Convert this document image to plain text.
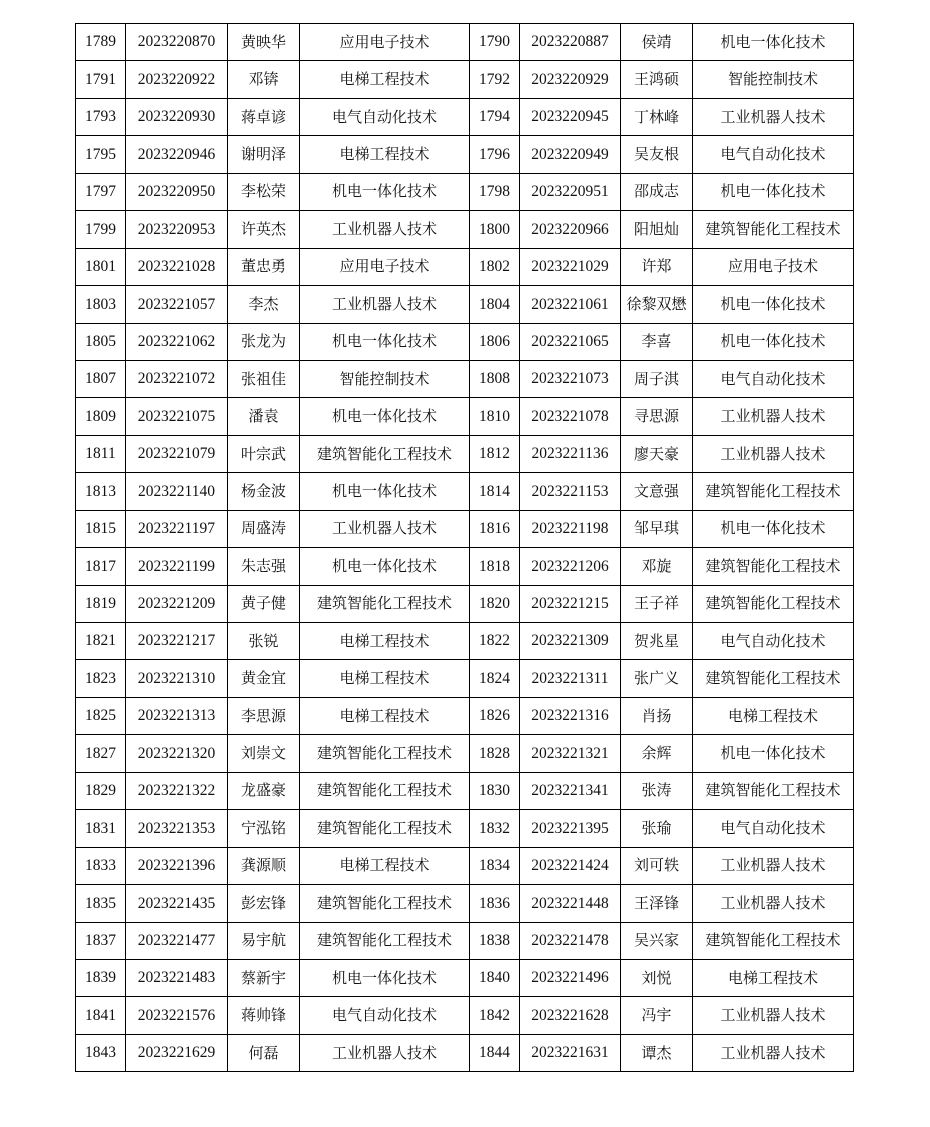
1789	2023220870	黄映华	应用电子技术	1790	2023220887	侯靖	机电一体化技术
1791	2023220922	邓锛	电梯工程技术	1792	2023220929	王鸿硕	智能控制技术
1793	2023220930	蒋卓谚	电气自动化技术	1794	2023220945	丁林峰	工业机器人技术
1795	2023220946	谢明泽	电梯工程技术	1796	2023220949	吴友根	电气自动化技术
1797	2023220950	李松荣	机电一体化技术	1798	2023220951	邵成志	机电一体化技术
1799	2023220953	许英杰	工业机器人技术	1800	2023220966	阳旭灿	建筑智能化工程技术
1801	2023221028	董忠勇	应用电子技术	1802	2023221029	许郑	应用电子技术
1803	2023221057	李杰	工业机器人技术	1804	2023221061	徐黎双懋	机电一体化技术
1805	2023221062	张龙为	机电一体化技术	1806	2023221065	李喜	机电一体化技术
1807	2023221072	张祖佳	智能控制技术	1808	2023221073	周子淇	电气自动化技术
1809	2023221075	潘袁	机电一体化技术	1810	2023221078	寻思源	工业机器人技术
1811	2023221079	叶宗武	建筑智能化工程技术	1812	2023221136	廖天豪	工业机器人技术
1813	2023221140	杨金波	机电一体化技术	1814	2023221153	文意强	建筑智能化工程技术
1815	2023221197	周盛涛	工业机器人技术	1816	2023221198	邹早琪	机电一体化技术
1817	2023221199	朱志强	机电一体化技术	1818	2023221206	邓旋	建筑智能化工程技术
1819	2023221209	黄子健	建筑智能化工程技术	1820	2023221215	王子祥	建筑智能化工程技术
1821	2023221217	张锐	电梯工程技术	1822	2023221309	贺兆星	电气自动化技术
1823	2023221310	黄金宜	电梯工程技术	1824	2023221311	张广义	建筑智能化工程技术
1825	2023221313	李思源	电梯工程技术	1826	2023221316	肖扬	电梯工程技术
1827	2023221320	刘崇文	建筑智能化工程技术	1828	2023221321	余辉	机电一体化技术
1829	2023221322	龙盛豪	建筑智能化工程技术	1830	2023221341	张涛	建筑智能化工程技术
1831	2023221353	宁泓铭	建筑智能化工程技术	1832	2023221395	张瑜	电气自动化技术
1833	2023221396	龚源顺	电梯工程技术	1834	2023221424	刘可轶	工业机器人技术
1835	2023221435	彭宏锋	建筑智能化工程技术	1836	2023221448	王泽锋	工业机器人技术
1837	2023221477	易宇航	建筑智能化工程技术	1838	2023221478	吴兴家	建筑智能化工程技术
1839	2023221483	蔡新宇	机电一体化技术	1840	2023221496	刘悦	电梯工程技术
1841	2023221576	蒋帅锋	电气自动化技术	1842	2023221628	冯宇	工业机器人技术
1843	2023221629	何磊	工业机器人技术	1844	2023221631	谭杰	工业机器人技术
